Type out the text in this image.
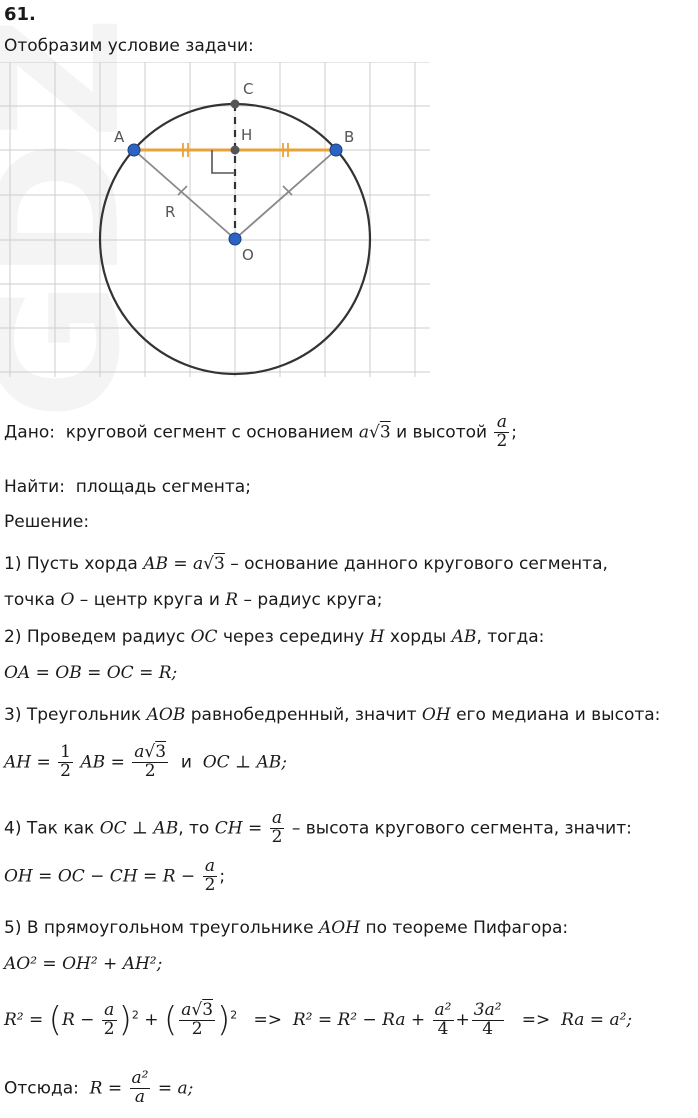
61.
Отобразим условие задачи:
A	B
C
H
O
R
Дано: круговой сегмент с основанием a√3 и высотой $\frac{a}{2}$ ;
Найти: площадь сегмента;
Решение:
1) Пусть хорда AB = a√3 – основание данного кругового сегмента,
точка O – центр круга и R – радиус круга;
2) Проведем радиус OC через середину H хорды AB, тогда:
OA = OB = OC = R;
3) Треугольник AOB равнобедренный, значит OH его медиана и высота:
AH = $\frac{1}{2}$ AB = $\frac{a√3}{2}$ и OC ⊥ AB;
4) Так как OC ⊥ AB, то CH = $\frac{a}{2}$ – высота кругового сегмента, значит:
OH = OC − CH = $R - \frac{a}{2}$ ;
5) В прямоугольном треугольнике AOH по теореме Пифагора:
AO² = OH² + AH²;
$R^2 = (R - \frac{a}{2} )^2$ + ( $\frac{a√3}{2} )^2 => R^2 = R^2 - Ra + \frac{\text{a²}}{4} + \frac{\text{3a²}}{4} => Ra = a^2$;
Отсюда: $R = \frac{\text{a²}}{a} = a$;
